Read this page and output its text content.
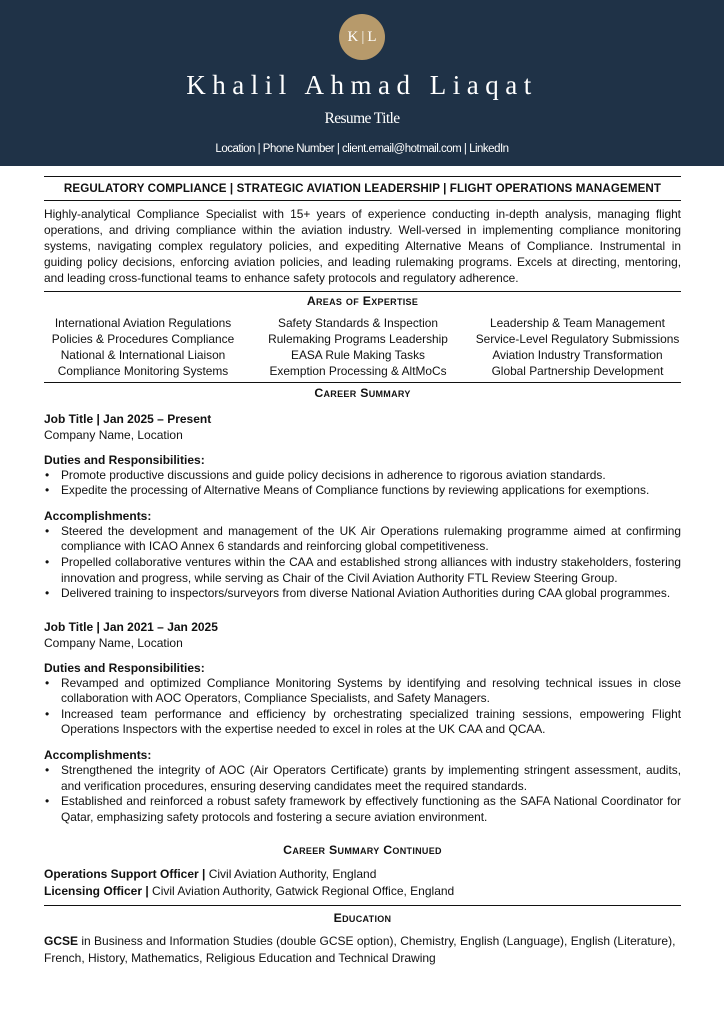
K | L
Khalil Ahmad Liaqat
Resume Title
Location | Phone Number | client.email@hotmail.com | LinkedIn
REGULATORY COMPLIANCE | STRATEGIC AVIATION LEADERSHIP | FLIGHT OPERATIONS MANAGEMENT

Highly-analytical Compliance Specialist with 15+ years of experience conducting in-depth analysis, managing flight operations, and driving compliance within the aviation industry. Well-versed in implementing compliance monitoring systems, navigating complex regulatory policies, and expediting Alternative Means of Compliance. Instrumental in guiding policy decisions, enforcing aviation policies, and leading rulemaking programs. Excels at directing, mentoring, and leading cross-functional teams to enhance safety protocols and regulatory adherence.

Areas of Expertise
International Aviation Regulations	Safety Standards & Inspection	Leadership & Team Management
Policies & Procedures Compliance	Rulemaking Programs Leadership	Service-Level Regulatory Submissions
National & International Liaison	EASA Rule Making Tasks	Aviation Industry Transformation
Compliance Monitoring Systems	Exemption Processing & AltMoCs	Global Partnership Development
Career Summary
Job Title | Jan 2025 – Present
Company Name, Location
Duties and Responsibilities:
• Promote productive discussions and guide policy decisions in adherence to rigorous aviation standards.
• Expedite the processing of Alternative Means of Compliance functions by reviewing applications for exemptions.
Accomplishments:
• Steered the development and management of the UK Air Operations rulemaking programme aimed at confirming compliance with ICAO Annex 6 standards and reinforcing global competitiveness.
• Propelled collaborative ventures within the CAA and established strong alliances with industry stakeholders, fostering innovation and progress, while serving as Chair of the Civil Aviation Authority FTL Review Steering Group.
• Delivered training to inspectors/surveyors from diverse National Aviation Authorities during CAA global programmes.
Job Title | Jan 2021 – Jan 2025
Company Name, Location
Duties and Responsibilities:
• Revamped and optimized Compliance Monitoring Systems by identifying and resolving technical issues in close collaboration with AOC Operators, Compliance Specialists, and Safety Managers.
• Increased team performance and efficiency by orchestrating specialized training sessions, empowering Flight Operations Inspectors with the expertise needed to excel in roles at the UK CAA and QCAA.
Accomplishments:
• Strengthened the integrity of AOC (Air Operators Certificate) grants by implementing stringent assessment, audits, and verification procedures, ensuring deserving candidates meet the required standards.
• Established and reinforced a robust safety framework by effectively functioning as the SAFA National Coordinator for Qatar, emphasizing safety protocols and fostering a secure aviation environment.
Career Summary Continued
Operations Support Officer | Civil Aviation Authority, England
Licensing Officer | Civil Aviation Authority, Gatwick Regional Office, England
Education
GCSE in Business and Information Studies (double GCSE option), Chemistry, English (Language), English (Literature), French, History, Mathematics, Religious Education and Technical Drawing
